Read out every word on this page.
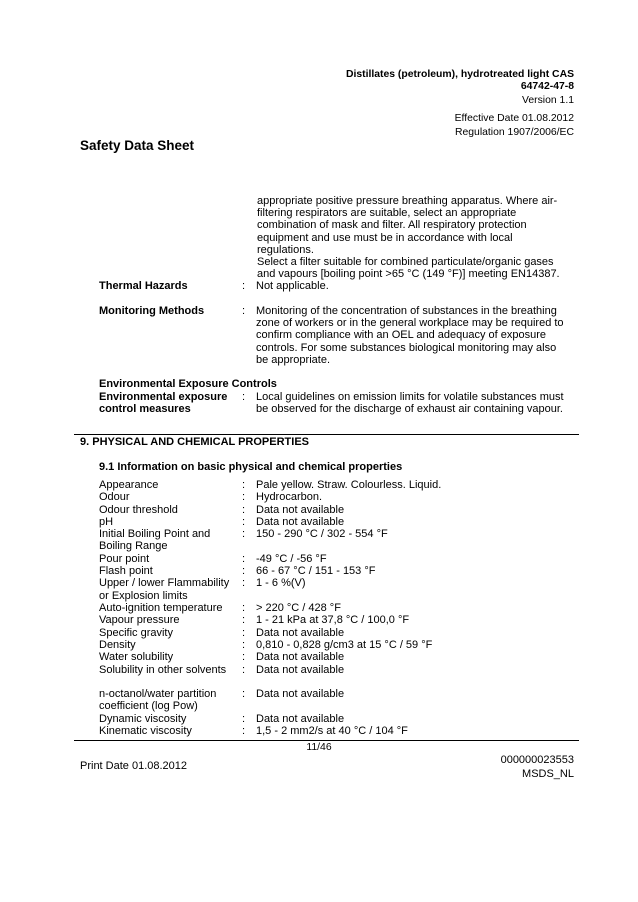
Distillates (petroleum), hydrotreated light CAS
64742-47-8
Version 1.1
Effective Date 01.08.2012
Regulation 1907/2006/EC
Safety Data Sheet
appropriate positive pressure breathing apparatus. Where air-
filtering respirators are suitable, select an appropriate
combination of mask and filter. All respiratory protection
equipment and use must be in accordance with local
regulations.
Select a filter suitable for combined particulate/organic gases
and vapours [boiling point >65 °C (149 °F)] meeting EN14387.
Thermal Hazards	: Not applicable.
Monitoring Methods	: Monitoring of the concentration of substances in the breathing
zone of workers or in the general workplace may be required to
confirm compliance with an OEL and adequacy of exposure
controls. For some substances biological monitoring may also
be appropriate.
Environmental Exposure Controls
Environmental exposure
control measures
: Local guidelines on emission limits for volatile substances must
be observed for the discharge of exhaust air containing vapour.
9. PHYSICAL AND CHEMICAL PROPERTIES
9.1 Information on basic physical and chemical properties
Appearance	: Pale yellow. Straw. Colourless. Liquid.
Odour	: Hydrocarbon.
Odour threshold	: Data not available
pH	: Data not available
Initial Boiling Point and
Boiling Range
: 150 - 290 °C / 302 - 554 °F
Pour point	: -49 °C / -56 °F
Flash point	: 66 - 67 °C / 151 - 153 °F
Upper / lower Flammability
or Explosion limits
: 1 - 6 %(V)
Auto-ignition temperature	: > 220 °C / 428 °F
Vapour pressure	: 1 - 21 kPa at 37,8 °C / 100,0 °F
Specific gravity	: Data not available
Density	: 0,810 - 0,828 g/cm3 at 15 °C / 59 °F
Water solubility	: Data not available
Solubility in other solvents	: Data not available
n-octanol/water partition
coefficient (log Pow)
: Data not available
Dynamic viscosity	: Data not available
Kinematic viscosity	: 1,5 - 2 mm2/s at 40 °C / 104 °F
11/46
Print Date 01.08.2012	000000023553
MSDS_NL
